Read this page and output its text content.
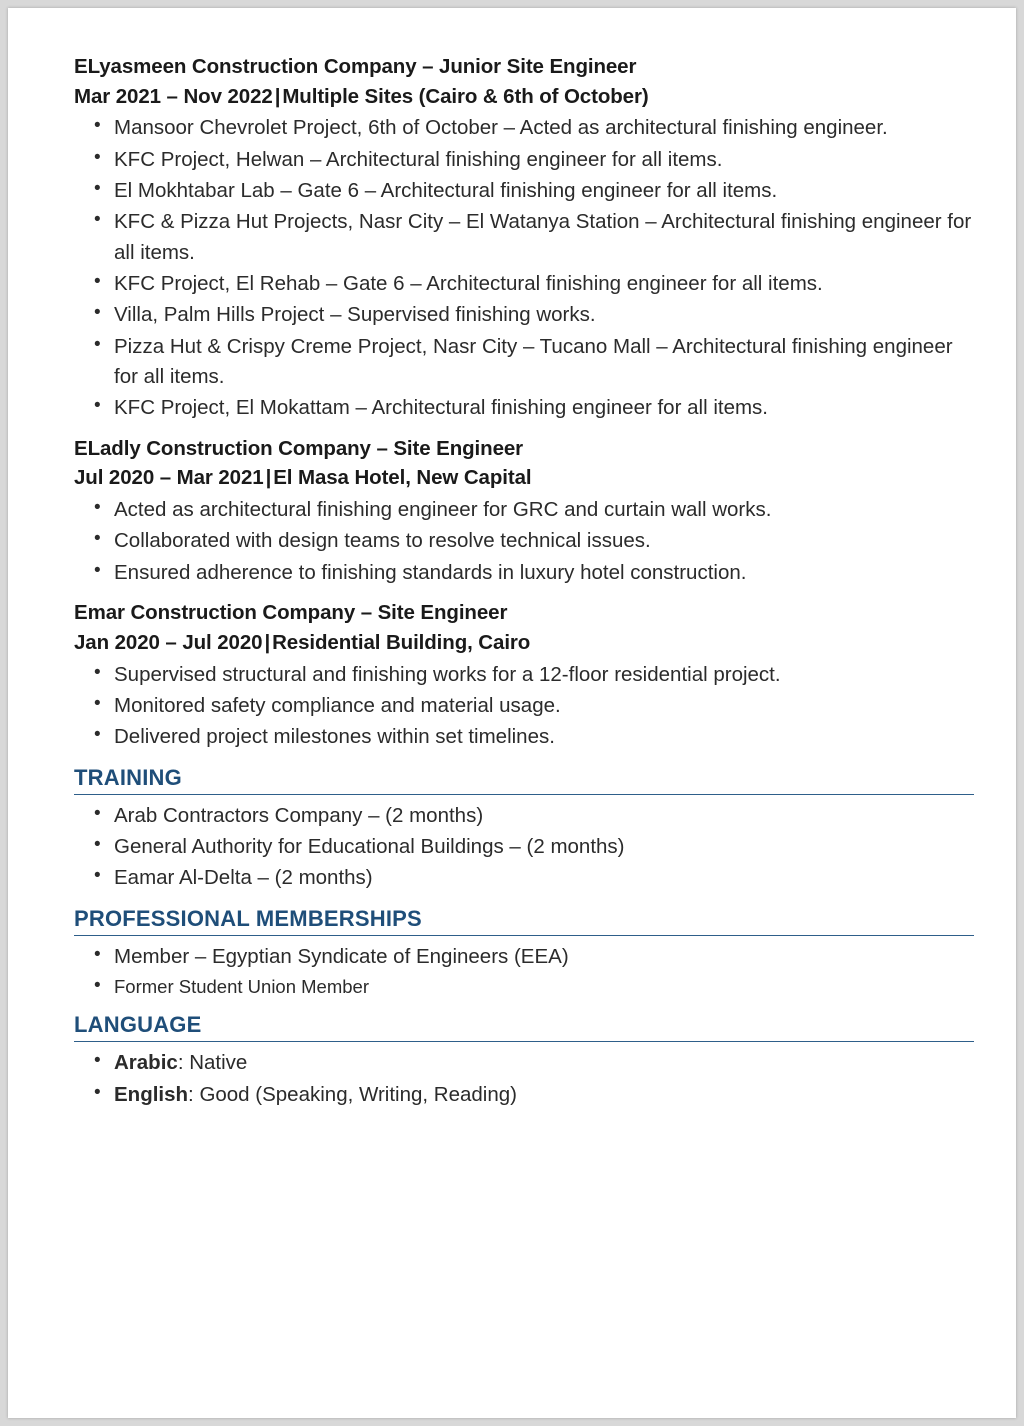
ELyasmeen Construction Company – Junior Site Engineer
Mar 2021 – Nov 2022|Multiple Sites (Cairo & 6th of October)
• Mansoor Chevrolet Project, 6th of October – Acted as architectural finishing engineer.
• KFC Project, Helwan – Architectural finishing engineer for all items.
• El Mokhtabar Lab – Gate 6 – Architectural finishing engineer for all items.
• KFC & Pizza Hut Projects, Nasr City – El Watanya Station – Architectural finishing engineer for all items.
• KFC Project, El Rehab – Gate 6 – Architectural finishing engineer for all items.
• Villa, Palm Hills Project – Supervised finishing works.
• Pizza Hut & Crispy Creme Project, Nasr City – Tucano Mall – Architectural finishing engineer for all items.
• KFC Project, El Mokattam – Architectural finishing engineer for all items.
ELadly Construction Company – Site Engineer
Jul 2020 – Mar 2021|El Masa Hotel, New Capital
• Acted as architectural finishing engineer for GRC and curtain wall works.
• Collaborated with design teams to resolve technical issues.
• Ensured adherence to finishing standards in luxury hotel construction.
Emar Construction Company – Site Engineer
Jan 2020 – Jul 2020|Residential Building, Cairo
• Supervised structural and finishing works for a 12-floor residential project.
• Monitored safety compliance and material usage.
• Delivered project milestones within set timelines.
TRAINING
• Arab Contractors Company – (2 months)
• General Authority for Educational Buildings – (2 months)
• Eamar Al-Delta – (2 months)
PROFESSIONAL MEMBERSHIPS
• Member – Egyptian Syndicate of Engineers (EEA)
• Former Student Union Member
LANGUAGE
• Arabic: Native
• English: Good (Speaking, Writing, Reading)
